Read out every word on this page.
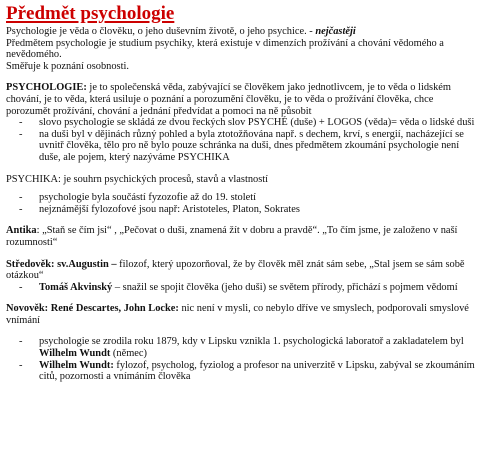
Předmět psychologie

Psychologie je věda o člověku, o jeho duševním životě, o jeho psychice. - nejčastěji

Předmětem psychologie je studium psychiky, která existuje v dimenzích prožívání a chování vědomého a nevědomého.

Směřuje k poznání osobnosti.

PSYCHOLOGIE: je to společenská věda, zabývající se člověkem jako jednotlivcem, je to věda o lidském chování, je to věda, která usiluje o poznání a porozumění člověku, je to věda o prožívání člověka, chce porozumět prožívání, chování a jednání předvídat a pomoci na ně působit

- slovo psychologie se skládá ze dvou řeckých slov PSYCHÉ (duše) + LOGOS (věda)= věda o lidské duši
- na duši byl v dějinách různý pohled a byla ztotožňována např. s dechem, krví, s energií, nacházející se uvnitř člověka, tělo pro ně bylo pouze schránka na duši, dnes předmětem zkoumání psychologie není duše, ale pojem, který nazýváme PSYCHIKA

PSYCHIKA: je souhrn psychických procesů, stavů a vlastností

- psychologie byla součástí fyzozofie až do 19. století
- nejznámější fylozofové jsou např: Aristoteles, Platon, Sokrates

Antika: „Staň se čím jsi“ , „Pečovat o duši, znamená žít v dobru a pravdě“. „To čím jsme, je založeno v naší rozumnosti“

Středověk: sv.Augustin – filozof, který upozorňoval, že by člověk měl znát sám sebe, „Stal jsem se sám sobě otázkou“

- Tomáš Akvinský – snažil se spojit člověka (jeho duši) se světem přírody, přichází s pojmem vědomí

Novověk: René Descartes, John Locke: nic není v mysli, co nebylo dříve ve smyslech, podporovali smyslové vnímání

- psychologie se zrodila roku 1879, kdy v Lipsku vznikla 1. psychologická laboratoř a zakladatelem byl Wilhelm Wundt (němec)
- Wilhelm Wundt: fylozof, psycholog, fyziolog a profesor na univerzitě v Lipsku, zabýval se zkoumáním citů, pozornosti a vnímáním člověka
